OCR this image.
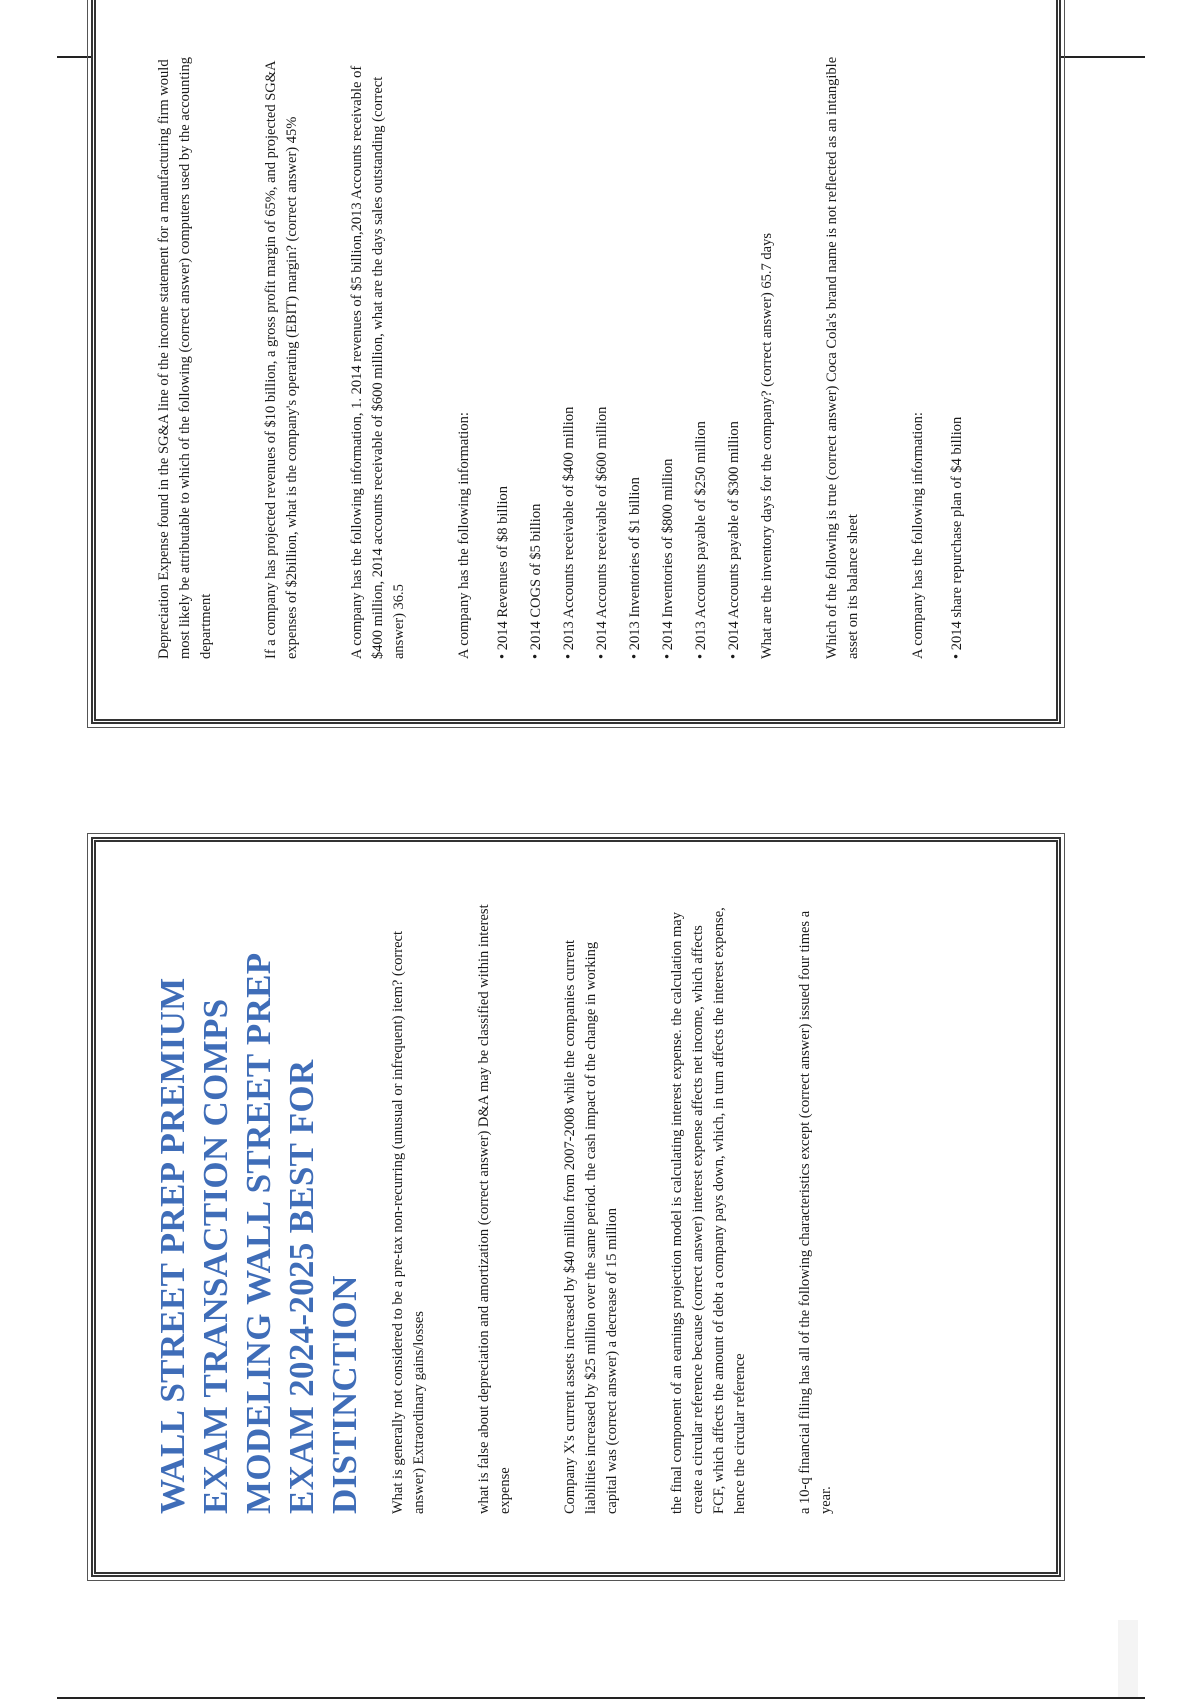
Depreciation Expense found in the SG&A line of the income statement for a manufacturing firm would most likely be attributable to which of the following (correct answer) computers used by the accounting department	If a company has projected revenues of $10 billion, a gross profit margin of 65%, and projected SG&A expenses of $2billion, what is the company's operating (EBIT) margin? (correct answer) 45%	A company has the following information, 1. 2014 revenues of $5 billion,2013 Accounts receivable of $400 million, 2014 accounts receivable of $600 million, what are the days sales outstanding (correct answer) 36.5	A company has the following information: • 2014 Revenues of $8 billion • 2014 COGS of $5 billion • 2013 Accounts receivable of $400 million • 2014 Accounts receivable of $600 million • 2013 Inventories of $1 billion • 2014 Inventories of $800 million • 2013 Accounts payable of $250 million • 2014 Accounts payable of $300 million What are the inventory days for the company? (correct answer) 65.7 days	Which of the following is true (correct answer) Coca Cola's brand name is not reflected as an intangible asset on its balance sheet	A company has the following information: • 2014 share repurchase plan of $4 billion
WALL STREET PREP PREMIUM EXAM TRANSACTION COMPS MODELING WALL STREET PREP EXAM 2024-2025 BEST FOR DISTINCTION What is generally not considered to be a pre-tax non-recurring (unusual or infrequent) item? (correct answer) Extraordinary gains/losses	what is false about depreciation and amortization (correct answer) D&A may be classified within interest expense	Company X's current assets increased by $40 million from 2007-2008 while the companies current liabilities increased by $25 million over the same period. the cash impact of the change in working capital was (correct answer) a decrease of 15 million	the final component of an earnings projection model is calculating interest expense. the calculation may create a circular reference because (correct answer) interest expense affects net income, which affects FCF, which affects the amount of debt a company pays down, which, in turn affects the interest expense, hence the circular reference	a 10-q financial filing has all of the following characteristics except (correct answer) issued four times a year.
